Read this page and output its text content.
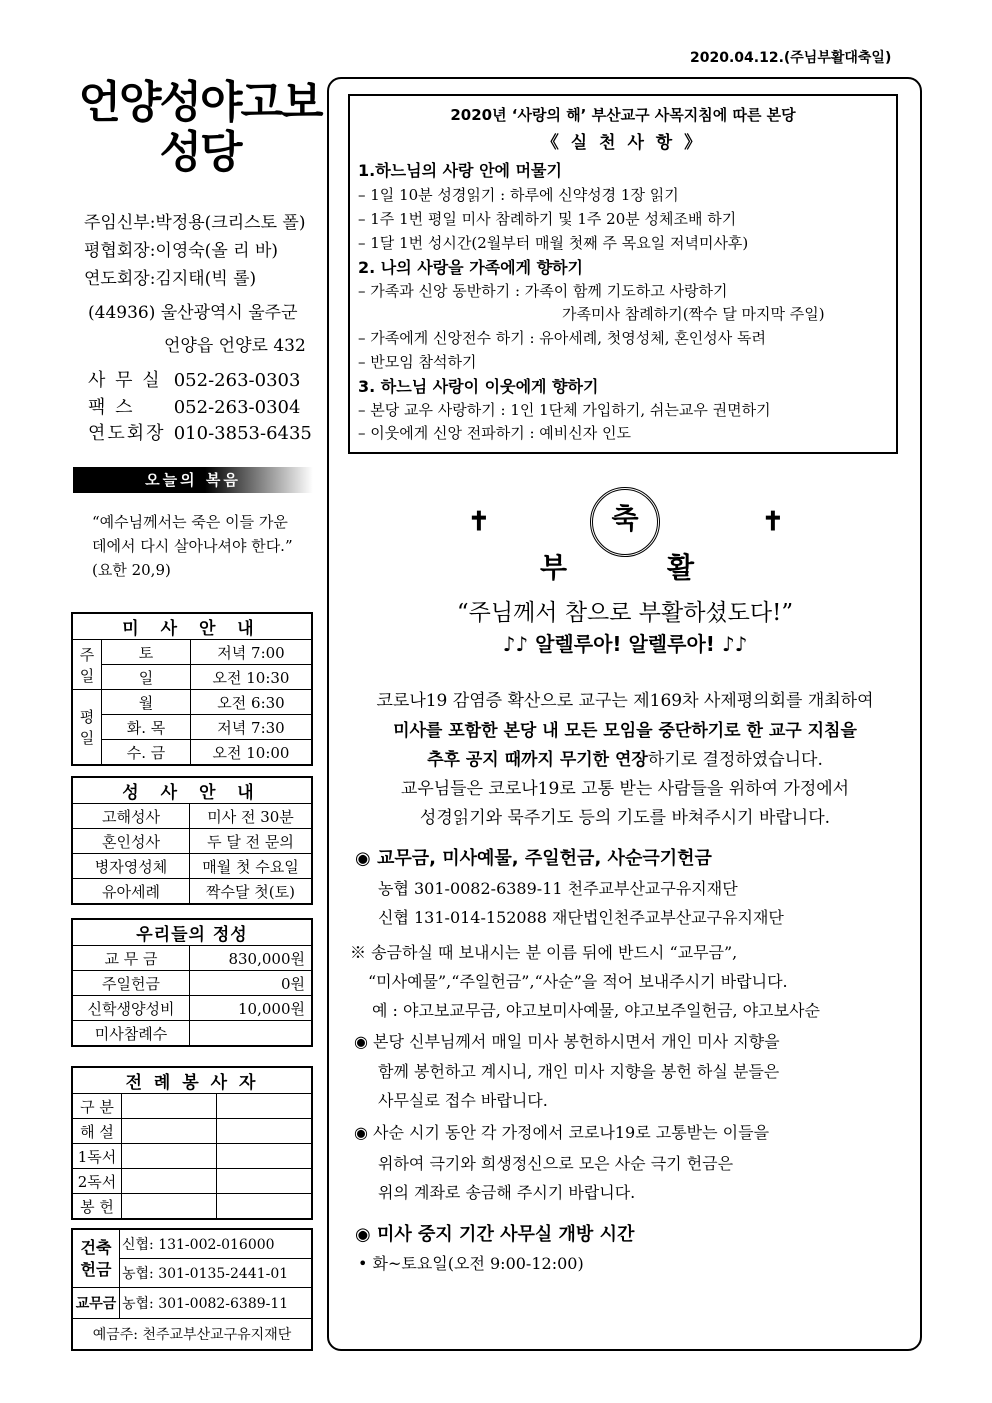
2020.04.12.(주님부활대축일)
언양성야고보
성당
주임신부:박정용(크리스토 폴)
평협회장:이영숙(올 리 바)
연도회장:김지태(빅 롤)
(44936) 울산광역시 울주군
언양읍 언양로 432
사 무 실 052-263-0303
팩 스 052-263-0304
연도회장 010-3853-6435
오늘의 복음
“예수님께서는 죽은 이들 가운데에서 다시 살아나셔야 한다.” (요한 20,9)
미 사 안 내		
주일	토	저녁 7:00
	일	오전 10:30
평일	월	오전 6:30
	화. 목	저녁 7:30
	수. 금	오전 10:00
성 사 안 내	
고해성사	미사 전 30분
혼인성사	두 달 전 문의
병자영성체	매월 첫 수요일
유아세례	짝수달 첫(토)
우리들의 정성	
교 무 금	830,000원
주일헌금	0원
신학생양성비	10,000원
미사참례수	
전 례 봉 사 자		
구 분		
해 설		
1독서		
2독서		
봉 헌		
건축헌금	신협: 131-002-016000
	농협: 301-0135-2441-01
교무금	농협: 301-0082-6389-11
예금주: 천주교부산교구유지재단	
2020년 ‘사랑의 해’ 부산교구 사목지침에 따른 본당
《 실 천 사 항 》
1.하느님의 사랑 안에 머물기
– 1일 10분 성경읽기 : 하루에 신약성경 1장 읽기
– 1주 1번 평일 미사 참례하기 및 1주 20분 성체조배 하기
– 1달 1번 성시간(2월부터 매월 첫째 주 목요일 저녁미사후)
2. 나의 사랑을 가족에게 향하기
– 가족과 신앙 동반하기 : 가족이 함께 기도하고 사랑하기
가족미사 참례하기(짝수 달 마지막 주일)
– 가족에게 신앙전수 하기 : 유아세례, 첫영성체, 혼인성사 독려
– 반모임 참석하기
3. 하느님 사랑이 이웃에게 향하기
– 본당 교우 사랑하기 : 1인 1단체 가입하기, 쉬는교우 권면하기
– 이웃에게 신앙 전파하기 : 예비신자 인도
✝	축	✝
부활
“주님께서 참으로 부활하셨도다!”
♪♪ 알렐루아! 알렐루아! ♪♪
코로나19 감염증 확산으로 교구는 제169차 사제평의회를 개최하여
미사를 포함한 본당 내 모든 모임을 중단하기로 한 교구 지침을
추후 공지 때까지 무기한 연장하기로 결정하였습니다.
교우님들은 코로나19로 고통 받는 사람들을 위하여 가정에서
성경읽기와 묵주기도 등의 기도를 바쳐주시기 바랍니다.
◉ 교무금, 미사예물, 주일헌금, 사순극기헌금
농협 301-0082-6389-11 천주교부산교구유지재단
신협 131-014-152088 재단법인천주교부산교구유지재단
※ 송금하실 때 보내시는 분 이름 뒤에 반드시 “교무금”,
“미사예물”,“주일헌금”,“사순”을 적어 보내주시기 바랍니다.
예 : 야고보교무금, 야고보미사예물, 야고보주일헌금, 야고보사순
◉ 본당 신부님께서 매일 미사 봉헌하시면서 개인 미사 지향을
함께 봉헌하고 계시니, 개인 미사 지향을 봉헌 하실 분들은
사무실로 접수 바랍니다.
◉ 사순 시기 동안 각 가정에서 코로나19로 고통받는 이들을
위하여 극기와 희생정신으로 모은 사순 극기 헌금은
위의 계좌로 송금해 주시기 바랍니다.
◉ 미사 중지 기간 사무실 개방 시간
• 화~토요일(오전 9:00-12:00)
